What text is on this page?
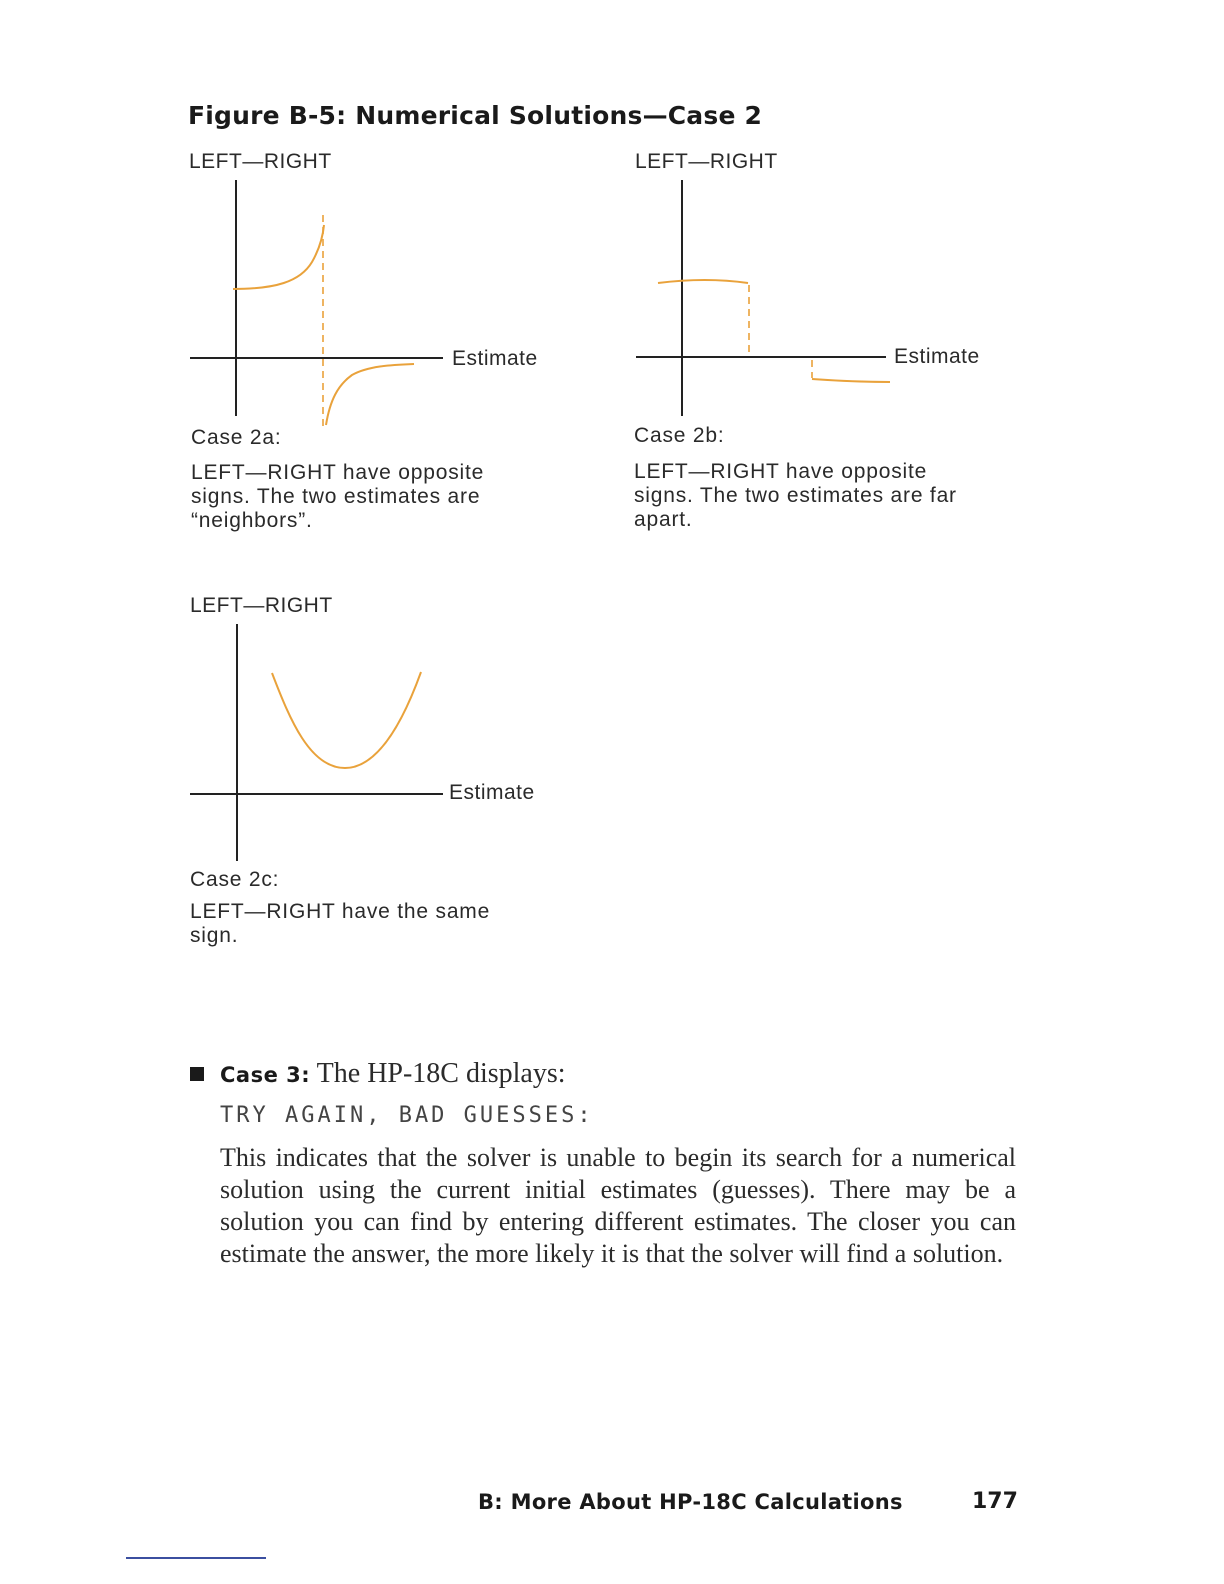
Figure B-5: Numerical Solutions—Case 2
LEFT—RIGHT
Estimate
Case 2a:
LEFT—RIGHT have opposite signs. The two estimates are “neighbors”.
LEFT—RIGHT
Estimate
Case 2b:
LEFT—RIGHT have opposite signs. The two estimates are far apart.
LEFT—RIGHT
Estimate
Case 2c:
LEFT—RIGHT have the same sign.
Case 3: The HP-18C displays:
TRY AGAIN, BAD GUESSES:
This indicates that the solver is unable to begin its search for a numerical solution using the current initial estimates (guesses). There may be a solution you can find by entering different estimates. The closer you can estimate the answer, the more likely it is that the solver will find a solution.
B: More About HP-18C Calculations	177
